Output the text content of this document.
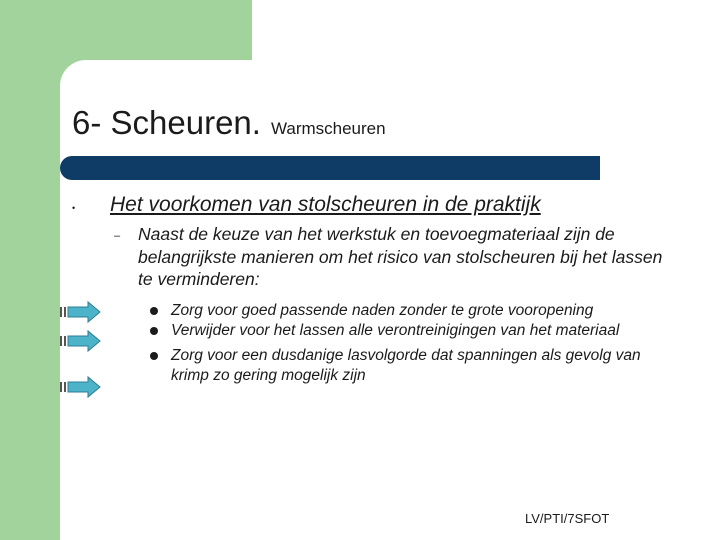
6- Scheuren. Warmscheuren
• Het voorkomen van stolscheuren in de praktijk
– Naast de keuze van het werkstuk en toevoegmateriaal zijn de belangrijkste manieren om het risico van stolscheuren bij het lassen te verminderen:
Zorg voor goed passende naden zonder te grote vooropening
Verwijder voor het lassen alle verontreinigingen van het materiaal
Zorg voor een dusdanige lasvolgorde dat spanningen als gevolg van krimp zo gering mogelijk zijn
LV/PTI/7SFOT
